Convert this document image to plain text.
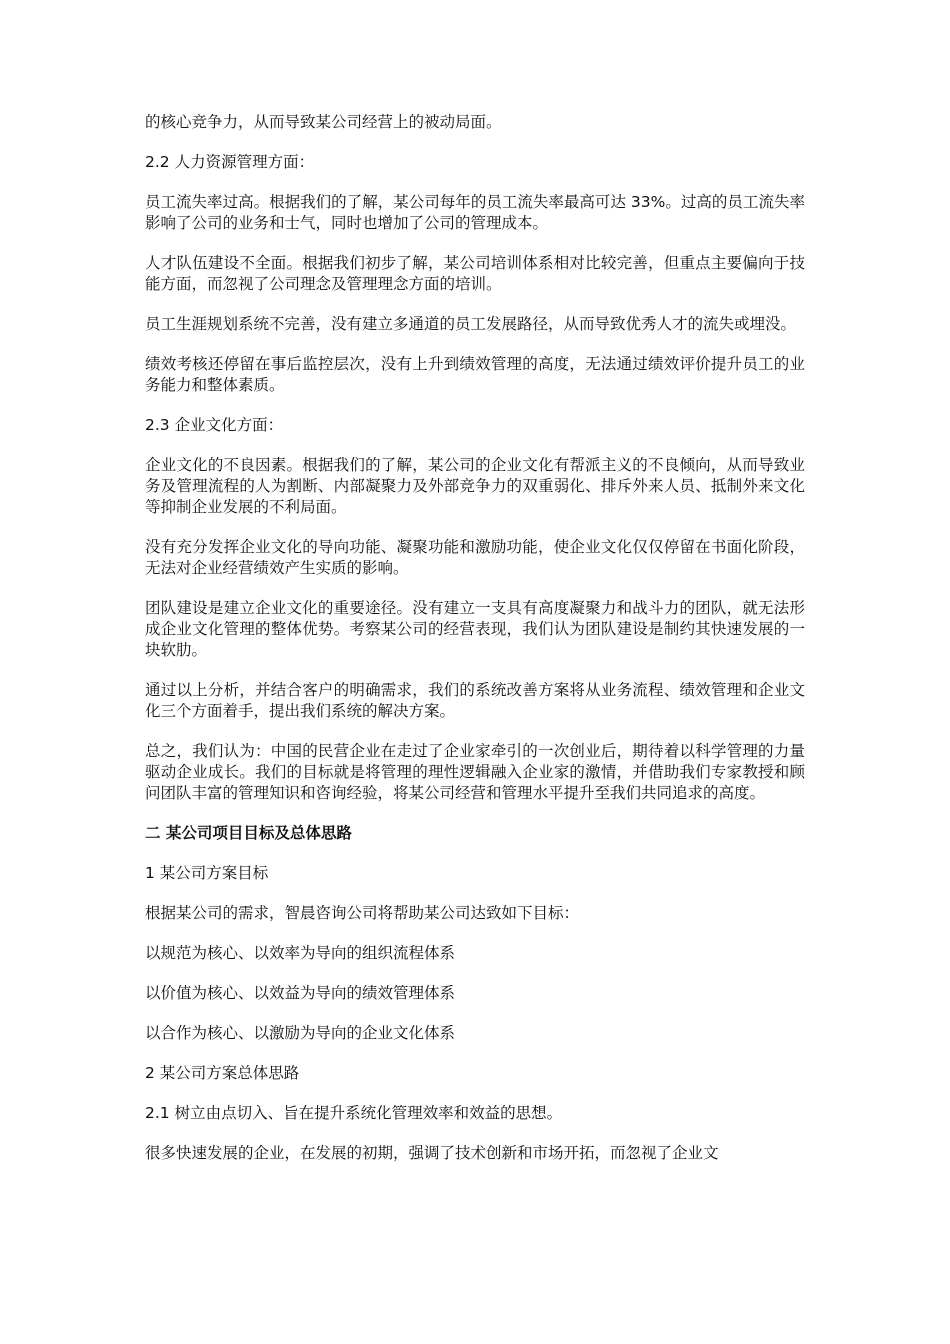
的核心竞争力，从而导致某公司经营上的被动局面。

2.2 人力资源管理方面：

员工流失率过高。根据我们的了解，某公司每年的员工流失率最高可达 33%。过高的员工流失率影响了公司的业务和士气，同时也增加了公司的管理成本。

人才队伍建设不全面。根据我们初步了解，某公司培训体系相对比较完善，但重点主要偏向于技能方面，而忽视了公司理念及管理理念方面的培训。

员工生涯规划系统不完善，没有建立多通道的员工发展路径，从而导致优秀人才的流失或埋没。

绩效考核还停留在事后监控层次，没有上升到绩效管理的高度，无法通过绩效评价提升员工的业务能力和整体素质。

2.3 企业文化方面：

企业文化的不良因素。根据我们的了解，某公司的企业文化有帮派主义的不良倾向，从而导致业务及管理流程的人为割断、内部凝聚力及外部竞争力的双重弱化、排斥外来人员、抵制外来文化等抑制企业发展的不利局面。

没有充分发挥企业文化的导向功能、凝聚功能和激励功能，使企业文化仅仅停留在书面化阶段，无法对企业经营绩效产生实质的影响。

团队建设是建立企业文化的重要途径。没有建立一支具有高度凝聚力和战斗力的团队，就无法形成企业文化管理的整体优势。考察某公司的经营表现，我们认为团队建设是制约其快速发展的一块软肋。

通过以上分析，并结合客户的明确需求，我们的系统改善方案将从业务流程、绩效管理和企业文化三个方面着手，提出我们系统的解决方案。

总之，我们认为：中国的民营企业在走过了企业家牵引的一次创业后，期待着以科学管理的力量驱动企业成长。我们的目标就是将管理的理性逻辑融入企业家的激情，并借助我们专家教授和顾问团队丰富的管理知识和咨询经验，将某公司经营和管理水平提升至我们共同追求的高度。

二 某公司项目目标及总体思路

1 某公司方案目标

根据某公司的需求，智晨咨询公司将帮助某公司达致如下目标：

以规范为核心、以效率为导向的组织流程体系

以价值为核心、以效益为导向的绩效管理体系

以合作为核心、以激励为导向的企业文化体系

2 某公司方案总体思路

2.1 树立由点切入、旨在提升系统化管理效率和效益的思想。

很多快速发展的企业，在发展的初期，强调了技术创新和市场开拓，而忽视了企业文
